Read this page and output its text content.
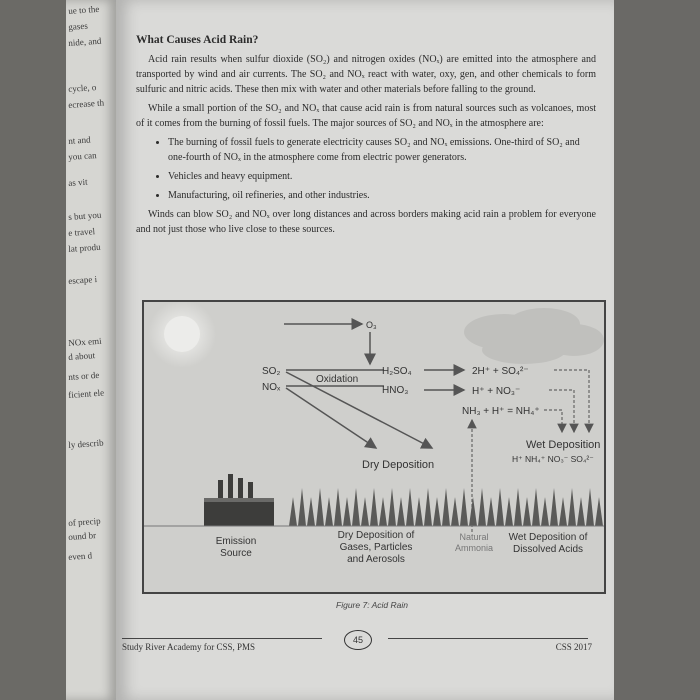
ue to the
gases
nide, and
cycle, o
ecrease th
nt and
you can
as vit
s but you
e travel
lat produ
escape i
NOx emi
d about
nts or de
ficient ele
ly describ
of precip
ound br
even d

What Causes Acid Rain?

Acid rain results when sulfur dioxide (SO₂) and nitrogen oxides (NOₓ) are emitted into the atmosphere and transported by wind and air currents. The SO₂ and NOₓ react with water, oxy, gen, and other chemicals to form sulfuric and nitric acids. These then mix with water and other materials before falling to the ground.

While a small portion of the SO₂ and NOₓ that cause acid rain is from natural sources such as volcanoes, most of it comes from the burning of fossil fuels. The major sources of SO₂ and NOₓ in the atmosphere are:

• The burning of fossil fuels to generate electricity causes SO₂ and NOₓ emissions. One-third of SO₂ and one-fourth of NOₓ in the atmosphere come from electric power generators.
• Vehicles and heavy equipment.
• Manufacturing, oil refineries, and other industries.

Winds can blow SO₂ and NOₓ over long distances and across borders making acid rain a problem for everyone and not just those who live close to these sources.

O₃
SO₂
NOₓ
Oxidation
H₂SO₄
HNO₃
2H⁺ + SO₄²⁻
H⁺ + NO₃⁻
NH₃ + H⁺ = NH₄⁺
Dry Deposition
Wet Deposition
H⁺ NH₄⁺ NO₃⁻ SO₄²⁻
Emission
Source
Dry Deposition of
Gases, Particles
and Aerosols
Natural
Ammonia
Wet Deposition of
Dissolved Acids
Figure 7: Acid Rain
Study River Academy for CSS, PMS
45
CSS 2017
